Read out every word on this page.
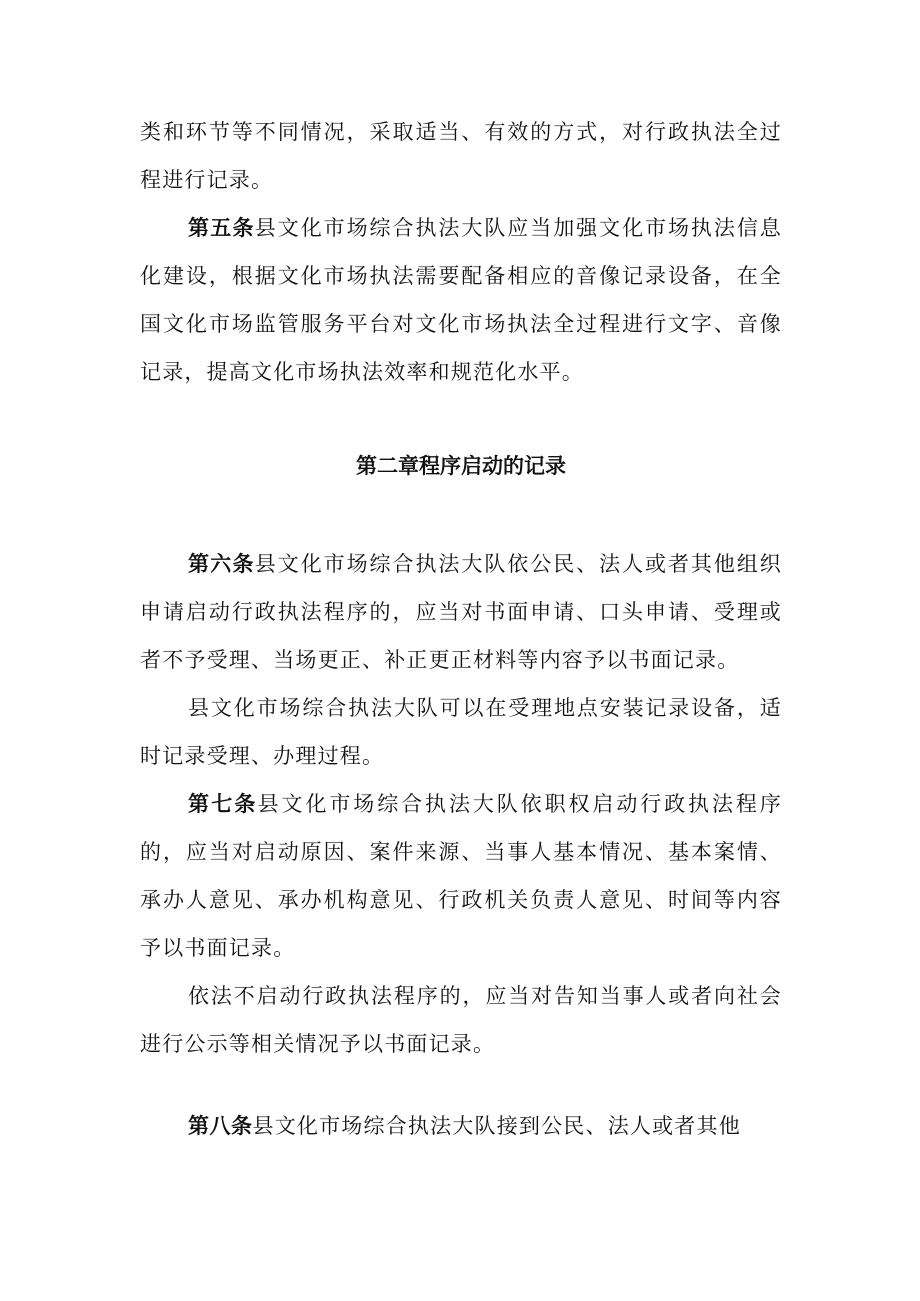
类和环节等不同情况，采取适当、有效的方式，对行政执法全过程进行记录。

第五条县文化市场综合执法大队应当加强文化市场执法信息化建设，根据文化市场执法需要配备相应的音像记录设备，在全国文化市场监管服务平台对文化市场执法全过程进行文字、音像记录，提高文化市场执法效率和规范化水平。

第二章程序启动的记录

第六条县文化市场综合执法大队依公民、法人或者其他组织申请启动行政执法程序的，应当对书面申请、口头申请、受理或者不予受理、当场更正、补正更正材料等内容予以书面记录。

县文化市场综合执法大队可以在受理地点安装记录设备，适时记录受理、办理过程。

第七条县文化市场综合执法大队依职权启动行政执法程序的，应当对启动原因、案件来源、当事人基本情况、基本案情、承办人意见、承办机构意见、行政机关负责人意见、时间等内容予以书面记录。

依法不启动行政执法程序的，应当对告知当事人或者向社会进行公示等相关情况予以书面记录。

第八条县文化市场综合执法大队接到公民、法人或者其他
